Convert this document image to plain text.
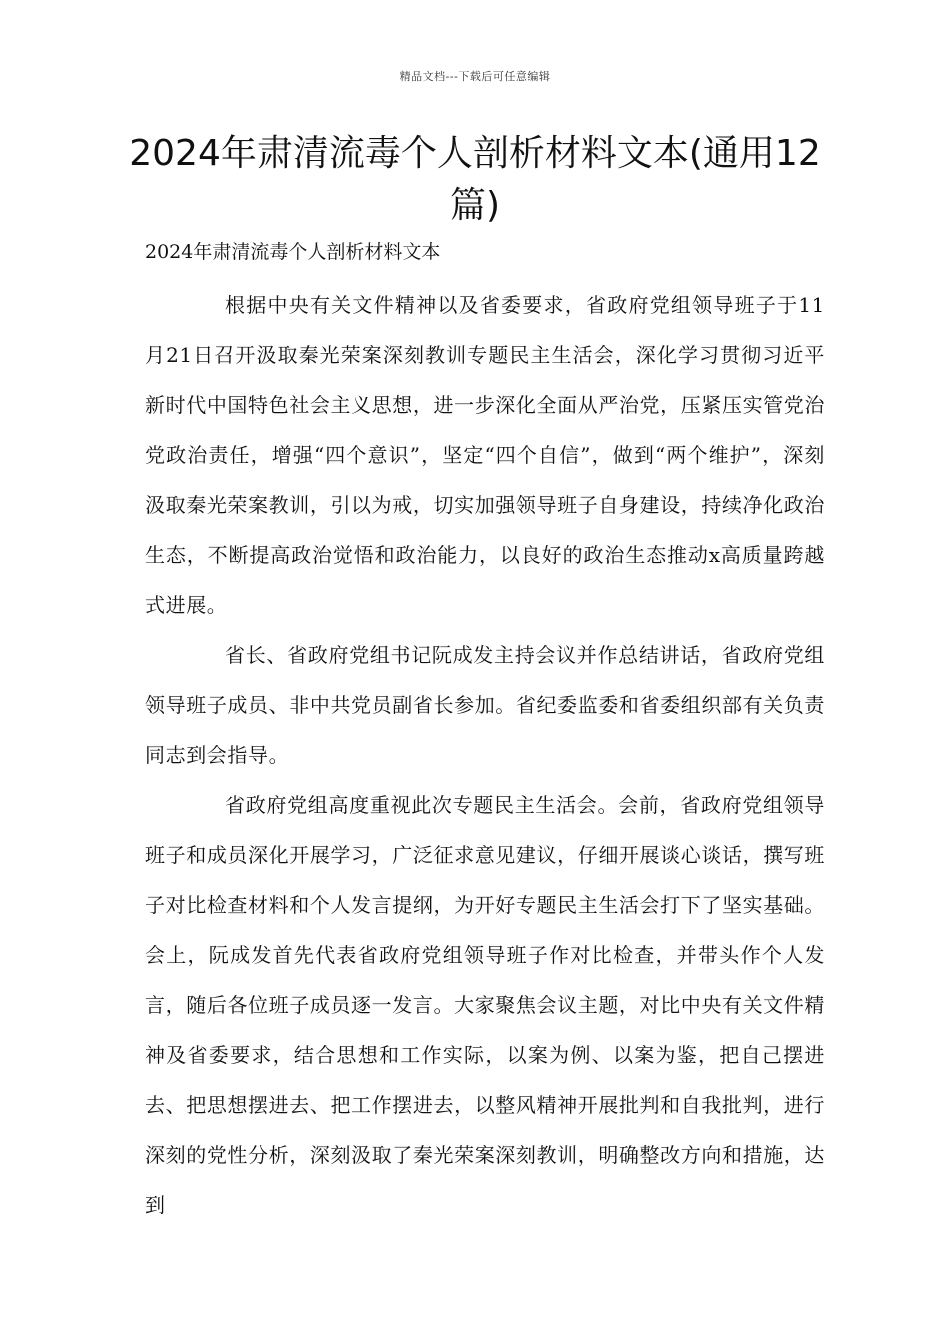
精品文档---下载后可任意编辑
2024年肃清流毒个人剖析材料文本(通用12篇)
2024年肃清流毒个人剖析材料文本

根据中央有关文件精神以及省委要求，省政府党组领导班子于11月21日召开汲取秦光荣案深刻教训专题民主生活会，深化学习贯彻习近平新时代中国特色社会主义思想，进一步深化全面从严治党，压紧压实管党治党政治责任，增强“四个意识”，坚定“四个自信”，做到“两个维护”，深刻汲取秦光荣案教训，引以为戒，切实加强领导班子自身建设，持续净化政治生态，不断提高政治觉悟和政治能力，以良好的政治生态推动x高质量跨越式进展。

省长、省政府党组书记阮成发主持会议并作总结讲话，省政府党组领导班子成员、非中共党员副省长参加。省纪委监委和省委组织部有关负责同志到会指导。

省政府党组高度重视此次专题民主生活会。会前，省政府党组领导班子和成员深化开展学习，广泛征求意见建议，仔细开展谈心谈话，撰写班子对比检查材料和个人发言提纲，为开好专题民主生活会打下了坚实基础。会上，阮成发首先代表省政府党组领导班子作对比检查，并带头作个人发言，随后各位班子成员逐一发言。大家聚焦会议主题，对比中央有关文件精神及省委要求，结合思想和工作实际，以案为例、以案为鉴，把自己摆进去、把思想摆进去、把工作摆进去，以整风精神开展批判和自我批判，进行深刻的党性分析，深刻汲取了秦光荣案深刻教训，明确整改方向和措施，达到
